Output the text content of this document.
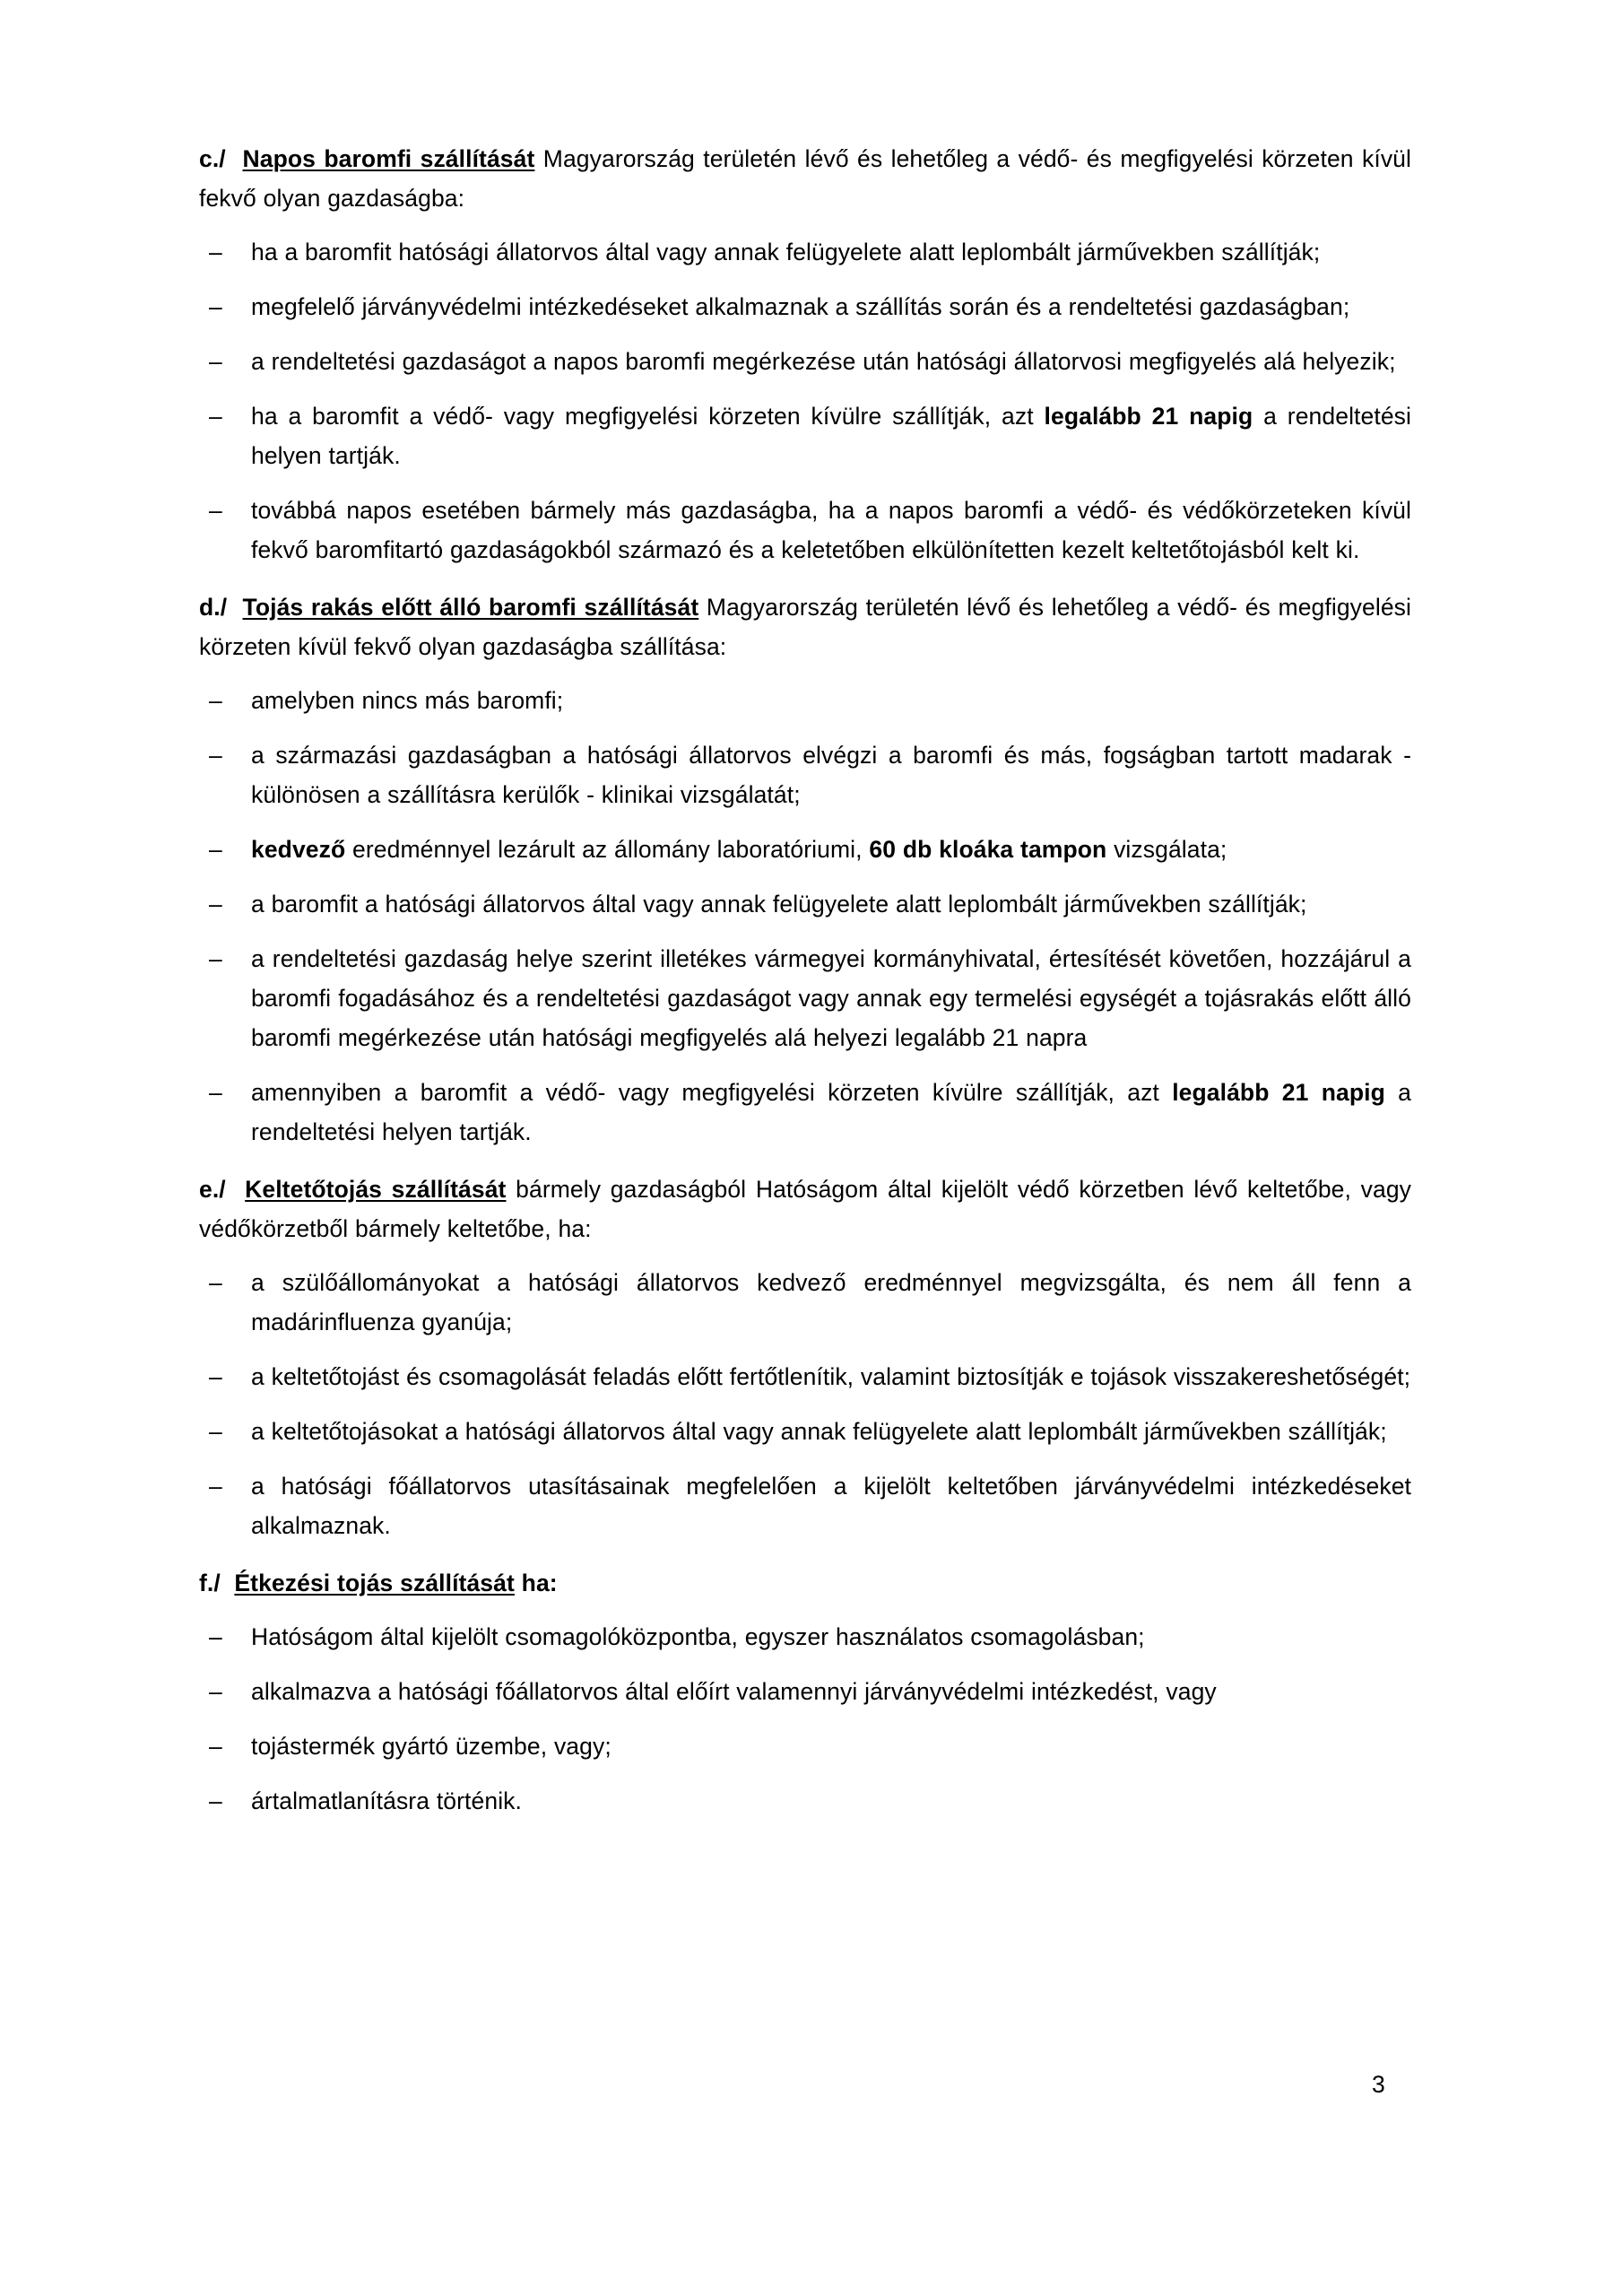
c./ Napos baromfi szállítását Magyarország területén lévő és lehetőleg a védő- és megfigyelési körzeten kívül fekvő olyan gazdaságba:

– ha a baromfit hatósági állatorvos által vagy annak felügyelete alatt leplombált járművekben szállítják;
– megfelelő járványvédelmi intézkedéseket alkalmaznak a szállítás során és a rendeltetési gazdaságban;
– a rendeltetési gazdaságot a napos baromfi megérkezése után hatósági állatorvosi megfigyelés alá helyezik;
– ha a baromfit a védő- vagy megfigyelési körzeten kívülre szállítják, azt legalább 21 napig a rendeltetési helyen tartják.
– továbbá napos esetében bármely más gazdaságba, ha a napos baromfi a védő- és védőkörzeteken kívül fekvő baromfitartó gazdaságokból származó és a keletetőben elkülönítetten kezelt keltetőtojásból kelt ki.

d./ Tojás rakás előtt álló baromfi szállítását Magyarország területén lévő és lehetőleg a védő- és megfigyelési körzeten kívül fekvő olyan gazdaságba szállítása:

– amelyben nincs más baromfi;
– a származási gazdaságban a hatósági állatorvos elvégzi a baromfi és más, fogságban tartott madarak - különösen a szállításra kerülők - klinikai vizsgálatát;
– kedvező eredménnyel lezárult az állomány laboratóriumi, 60 db kloáka tampon vizsgálata;
– a baromfit a hatósági állatorvos által vagy annak felügyelete alatt leplombált járművekben szállítják;
– a rendeltetési gazdaság helye szerint illetékes vármegyei kormányhivatal, értesítését követően, hozzájárul a baromfi fogadásához és a rendeltetési gazdaságot vagy annak egy termelési egységét a tojásrakás előtt álló baromfi megérkezése után hatósági megfigyelés alá helyezi legalább 21 napra
– amennyiben a baromfit a védő- vagy megfigyelési körzeten kívülre szállítják, azt legalább 21 napig a rendeltetési helyen tartják.

e./ Keltetőtojás szállítását bármely gazdaságból Hatóságom által kijelölt védő körzetben lévő keltetőbe, vagy védőkörzetből bármely keltetőbe, ha:

– a szülőállományokat a hatósági állatorvos kedvező eredménnyel megvizsgálta, és nem áll fenn a madárinfluenza gyanúja;
– a keltetőtojást és csomagolását feladás előtt fertőtlenítik, valamint biztosítják e tojások visszakereshetőségét;
– a keltetőtojásokat a hatósági állatorvos által vagy annak felügyelete alatt leplombált járművekben szállítják;
– a hatósági főállatorvos utasításainak megfelelően a kijelölt keltetőben járványvédelmi intézkedéseket alkalmaznak.

f./ Étkezési tojás szállítását ha:

– Hatóságom által kijelölt csomagolóközpontba, egyszer használatos csomagolásban;
– alkalmazva a hatósági főállatorvos által előírt valamennyi járványvédelmi intézkedést, vagy
– tojástermék gyártó üzembe, vagy;
– ártalmatlanításra történik.
3
